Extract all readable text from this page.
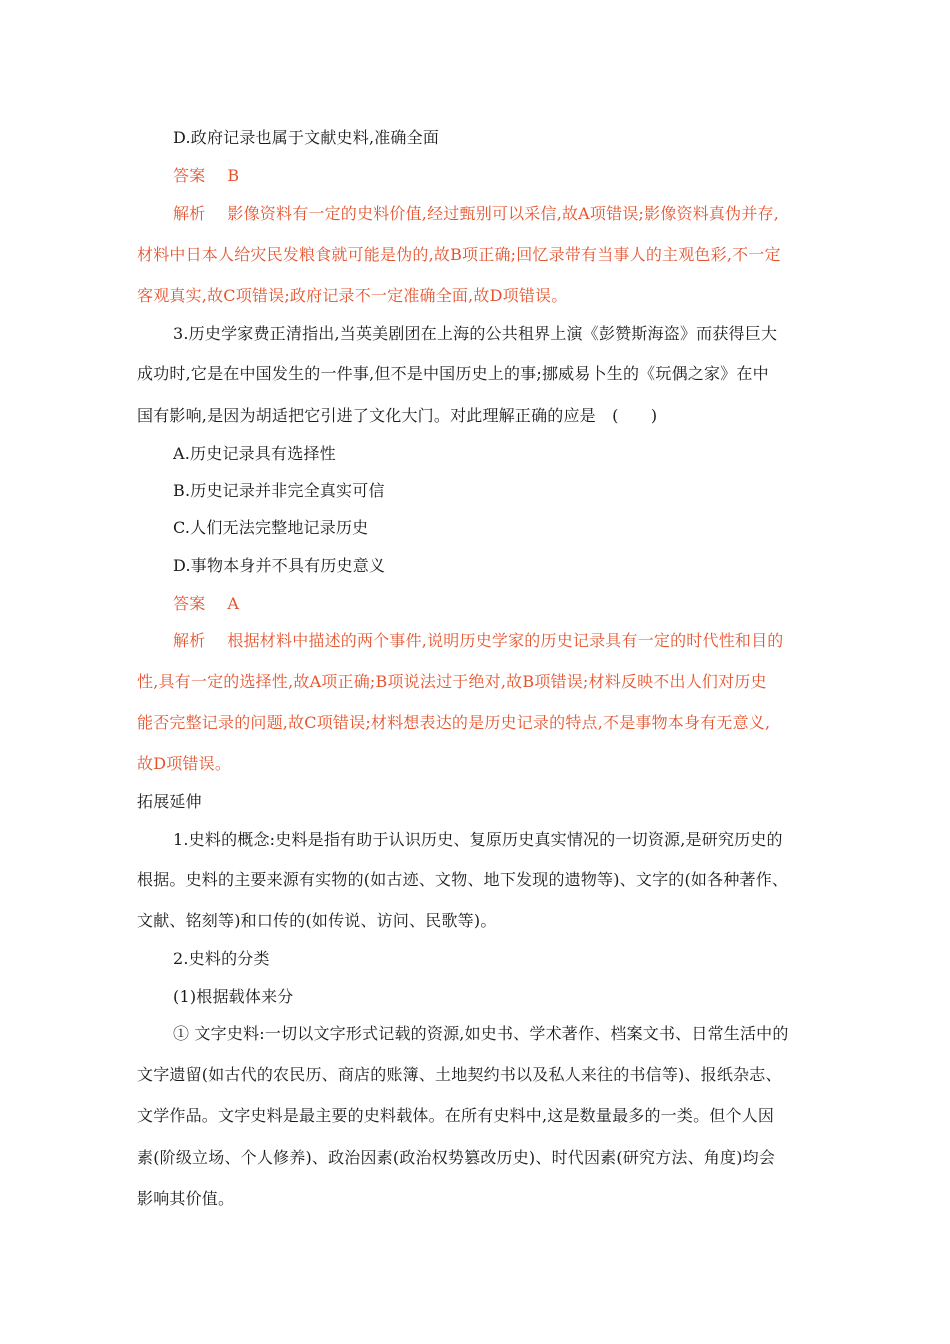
D.政府记录也属于文献史料,准确全面
答案 B
解析 影像资料有一定的史料价值,经过甄别可以采信,故A项错误;影像资料真伪并存,
材料中日本人给灾民发粮食就可能是伪的,故B项正确;回忆录带有当事人的主观色彩,不一定
客观真实,故C项错误;政府记录不一定准确全面,故D项错误。
3.历史学家费正清指出,当英美剧团在上海的公共租界上演《彭赞斯海盗》而获得巨大
成功时,它是在中国发生的一件事,但不是中国历史上的事;挪威易卜生的《玩偶之家》在中
国有影响,是因为胡适把它引进了文化大门。对此理解正确的应是　(　　)
A.历史记录具有选择性
B.历史记录并非完全真实可信
C.人们无法完整地记录历史
D.事物本身并不具有历史意义
答案 A
解析 根据材料中描述的两个事件,说明历史学家的历史记录具有一定的时代性和目的
性,具有一定的选择性,故A项正确;B项说法过于绝对,故B项错误;材料反映不出人们对历史
能否完整记录的问题,故C项错误;材料想表达的是历史记录的特点,不是事物本身有无意义,
故D项错误。
拓展延伸
1.史料的概念:史料是指有助于认识历史、复原历史真实情况的一切资源,是研究历史的
根据。史料的主要来源有实物的(如古迹、文物、地下发现的遗物等)、文字的(如各种著作、
文献、铭刻等)和口传的(如传说、访问、民歌等)。
2.史料的分类
(1)根据载体来分
① 文字史料:一切以文字形式记载的资源,如史书、学术著作、档案文书、日常生活中的
文字遗留(如古代的农民历、商店的账簿、土地契约书以及私人来往的书信等)、报纸杂志、
文学作品。文字史料是最主要的史料载体。在所有史料中,这是数量最多的一类。但个人因
素(阶级立场、个人修养)、政治因素(政治权势篡改历史)、时代因素(研究方法、角度)均会
影响其价值。
